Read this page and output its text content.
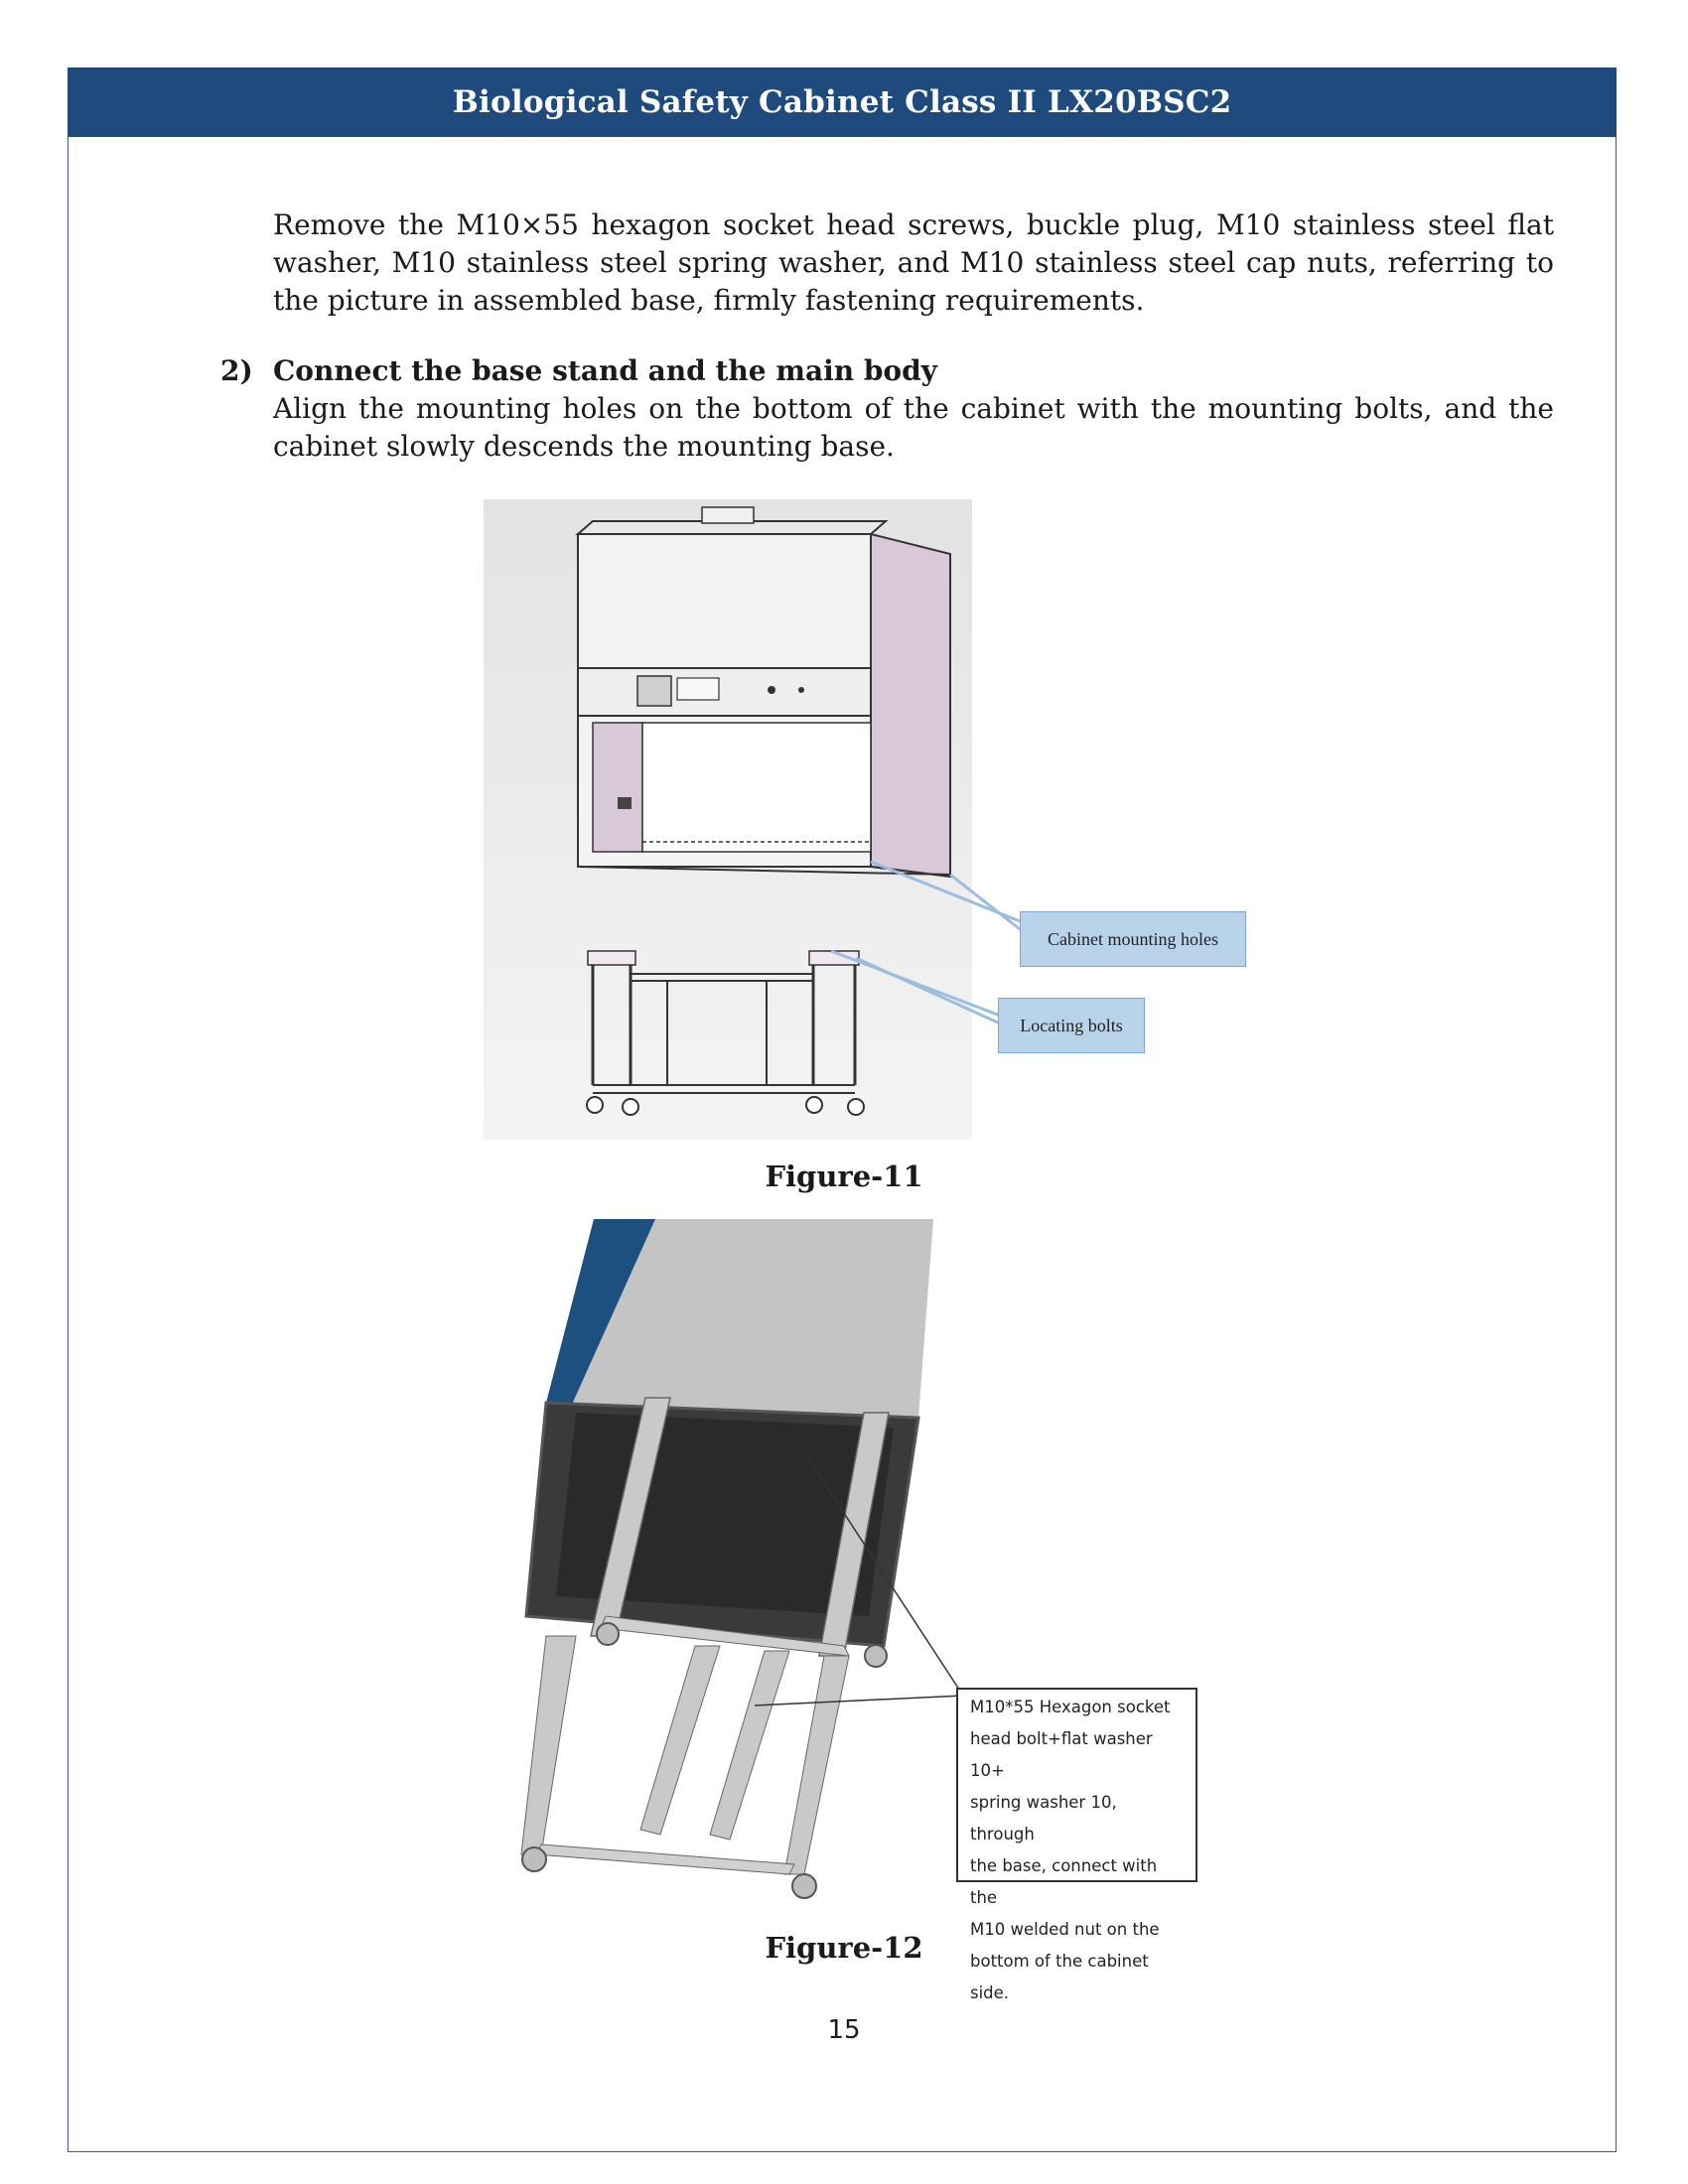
Biological Safety Cabinet Class II LX20BSC2

Remove the M10×55 hexagon socket head screws, buckle plug, M10 stainless steel flat washer, M10 stainless steel spring washer, and M10 stainless steel cap nuts, referring to the picture in assembled base, firmly fastening requirements.

2) Connect the base stand and the main body

Align the mounting holes on the bottom of the cabinet with the mounting bolts, and the cabinet slowly descends the mounting base.

Cabinet mounting holes
Locating bolts
Figure-11
M10*55 Hexagon socket
head bolt+flat washer 10+
spring washer 10, through
the base, connect with the
M10 welded nut on the
bottom of the cabinet side.
Figure-12
15
